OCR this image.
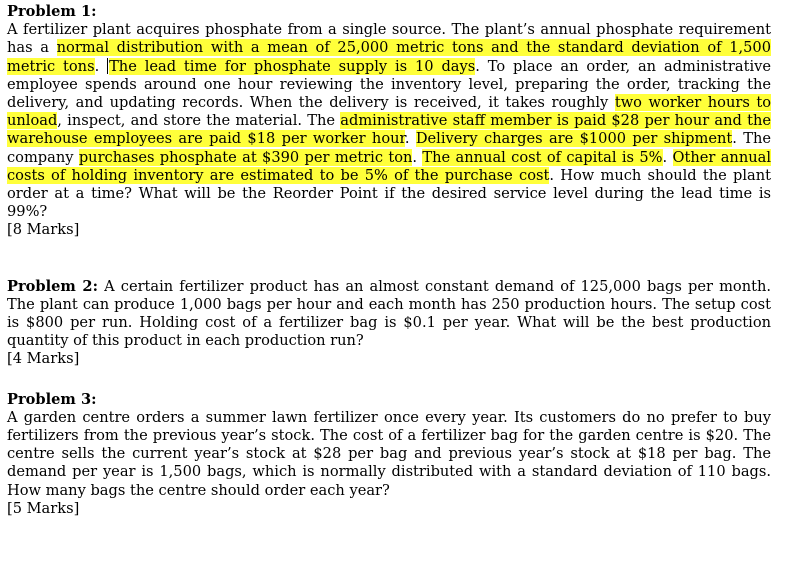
Problem 1:
A fertilizer plant acquires phosphate from a single source. The plant’s annual phosphate requirement has a normal distribution with a mean of 25,000 metric tons and the standard deviation of 1,500 metric tons. The lead time for phosphate supply is 10 days. To place an order, an administrative employee spends around one hour reviewing the inventory level, preparing the order, tracking the delivery, and updating records. When the delivery is received, it takes roughly two worker hours to unload, inspect, and store the material. The administrative staff member is paid $28 per hour and the warehouse employees are paid $18 per worker hour. Delivery charges are $1000 per shipment. The company purchases phosphate at $390 per metric ton. The annual cost of capital is 5%. Other annual costs of holding inventory are estimated to be 5% of the purchase cost. How much should the plant order at a time? What will be the Reorder Point if the desired service level during the lead time is 99%?
[8 Marks]
Problem 2: A certain fertilizer product has an almost constant demand of 125,000 bags per month. The plant can produce 1,000 bags per hour and each month has 250 production hours. The setup cost is $800 per run. Holding cost of a fertilizer bag is $0.1 per year. What will be the best production quantity of this product in each production run?
[4 Marks]
Problem 3:
A garden centre orders a summer lawn fertilizer once every year. Its customers do no prefer to buy fertilizers from the previous year’s stock. The cost of a fertilizer bag for the garden centre is $20. The centre sells the current year’s stock at $28 per bag and previous year’s stock at $18 per bag. The demand per year is 1,500 bags, which is normally distributed with a standard deviation of 110 bags. How many bags the centre should order each year?
[5 Marks]
